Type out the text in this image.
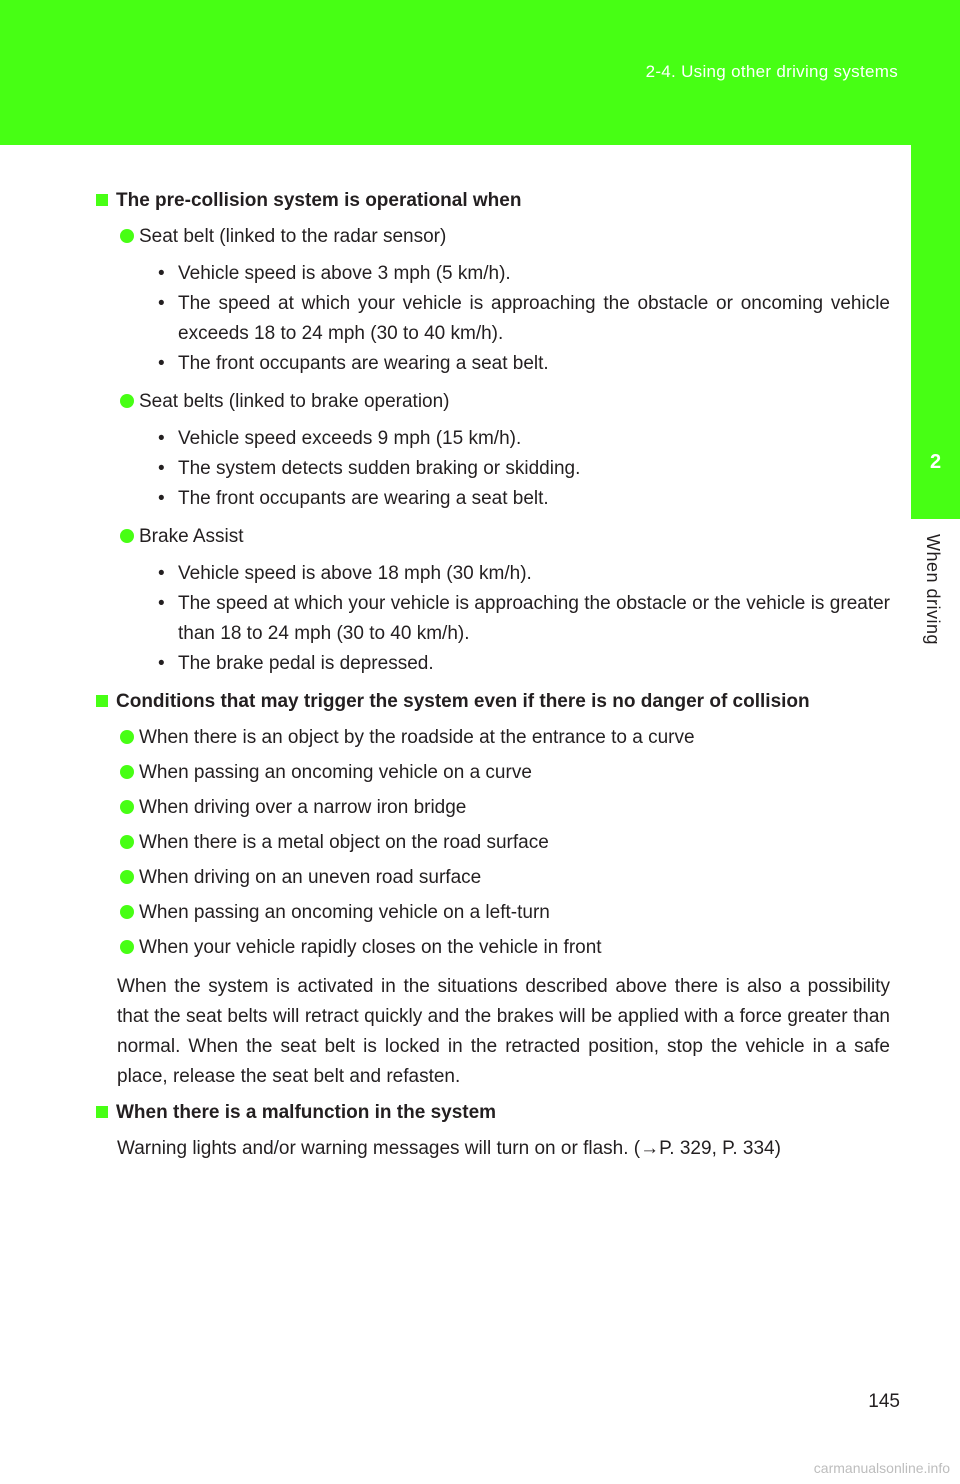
2-4. Using other driving systems
2
When driving
The pre-collision system is operational when
Seat belt (linked to the radar sensor)
• Vehicle speed is above 3 mph (5 km/h).
• The speed at which your vehicle is approaching the obstacle or oncoming vehicle exceeds 18 to 24 mph (30 to 40 km/h).
• The front occupants are wearing a seat belt.
Seat belts (linked to brake operation)
• Vehicle speed exceeds 9 mph (15 km/h).
• The system detects sudden braking or skidding.
• The front occupants are wearing a seat belt.
Brake Assist
• Vehicle speed is above 18 mph (30 km/h).
• The speed at which your vehicle is approaching the obstacle or the vehicle is greater than 18 to 24 mph (30 to 40 km/h).
• The brake pedal is depressed.
Conditions that may trigger the system even if there is no danger of collision
When there is an object by the roadside at the entrance to a curve
When passing an oncoming vehicle on a curve
When driving over a narrow iron bridge
When there is a metal object on the road surface
When driving on an uneven road surface
When passing an oncoming vehicle on a left-turn
When your vehicle rapidly closes on the vehicle in front
When the system is activated in the situations described above there is also a possibility that the seat belts will retract quickly and the brakes will be applied with a force greater than normal. When the seat belt is locked in the retracted position, stop the vehicle in a safe place, release the seat belt and refasten.
When there is a malfunction in the system
Warning lights and/or warning messages will turn on or flash. (→P. 329, P. 334)
145
carmanualsonline.info
